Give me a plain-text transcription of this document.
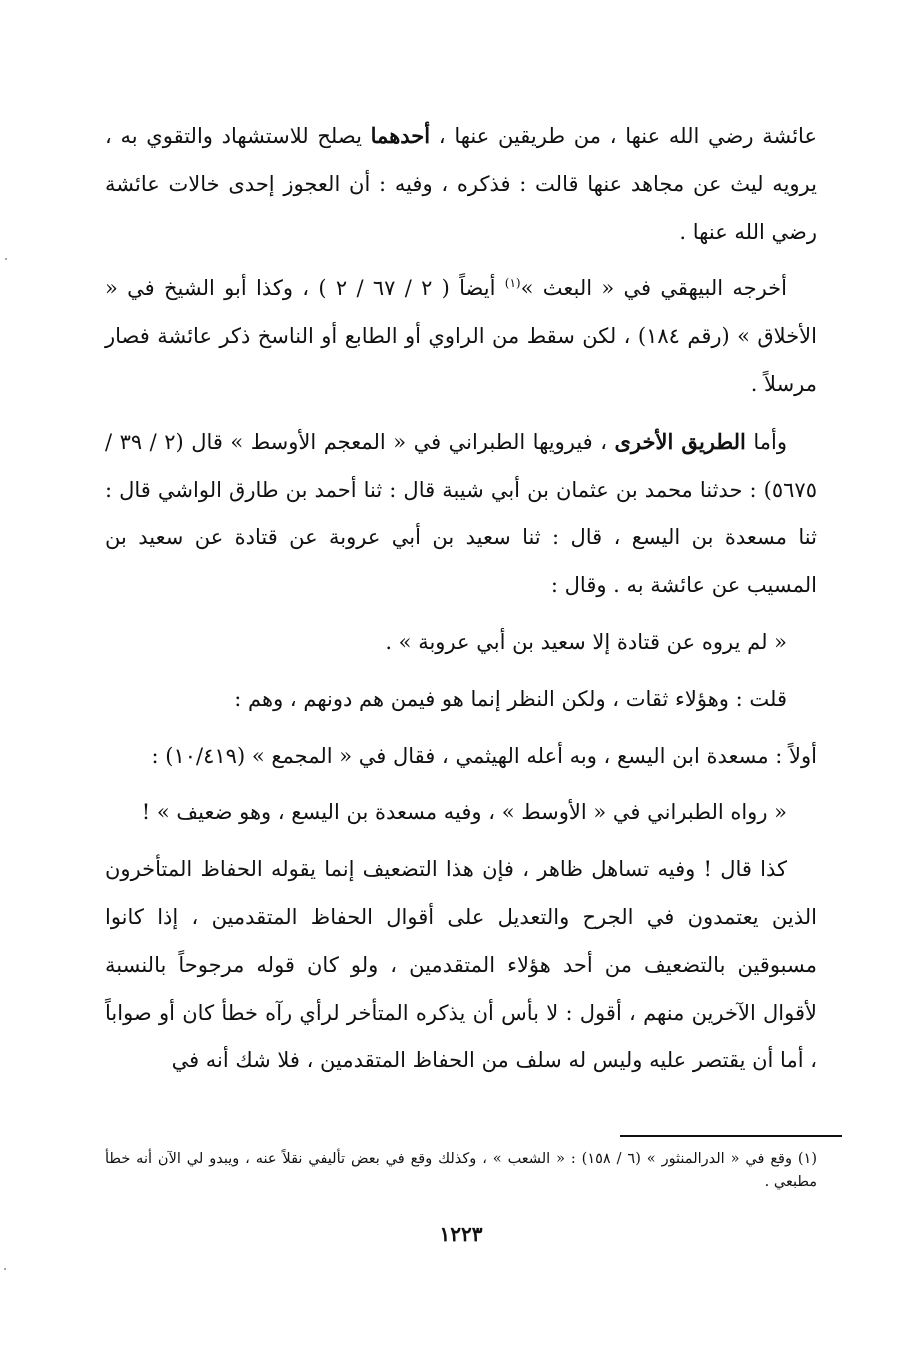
عائشة رضي الله عنها ، من طريقين عنها ، أحدهما يصلح للاستشهاد والتقوي به ، يرويه ليث عن مجاهد عنها قالت : فذكره ، وفيه : أن العجوز إحدى خالات عائشة رضي الله عنها .

أخرجه البيهقي في « البعث »$^{(١)}$ أيضاً ( ٢ / ٦٧ / ٢ ) ، وكذا أبو الشيخ في « الأخلاق » (رقم ١٨٤) ، لكن سقط من الراوي أو الطابع أو الناسخ ذكر عائشة فصار مرسلاً .

وأما الطريق الأخرى ، فيرويها الطبراني في « المعجم الأوسط » قال (٢ / ٣٩ / ٥٦٧٥) : حدثنا محمد بن عثمان بن أبي شيبة قال : ثنا أحمد بن طارق الواشي قال : ثنا مسعدة بن اليسع ، قال : ثنا سعيد بن أبي عروبة عن قتادة عن سعيد بن المسيب عن عائشة به . وقال :

« لم يروه عن قتادة إلا سعيد بن أبي عروبة » .

قلت : وهؤلاء ثقات ، ولكن النظر إنما هو فيمن هم دونهم ، وهم :

أولاً : مسعدة ابن اليسع ، وبه أعله الهيثمي ، فقال في « المجمع » (١٠/٤١٩) :

« رواه الطبراني في « الأوسط » ، وفيه مسعدة بن اليسع ، وهو ضعيف » !

كذا قال ! وفيه تساهل ظاهر ، فإن هذا التضعيف إنما يقوله الحفاظ المتأخرون الذين يعتمدون في الجرح والتعديل على أقوال الحفاظ المتقدمين ، إذا كانوا مسبوقين بالتضعيف من أحد هؤلاء المتقدمين ، ولو كان قوله مرجوحاً بالنسبة لأقوال الآخرين منهم ، أقول : لا بأس أن يذكره المتأخر لرأي رآه خطأ كان أو صواباً ، أما أن يقتصر عليه وليس له سلف من الحفاظ المتقدمين ، فلا شك أنه في

(١) وقع في « الدرالمنثور » (٦ / ١٥٨) : « الشعب » ، وكذلك وقع في بعض تأليفي نقلاً عنه ، ويبدو لي الآن أنه خطأ مطبعي .

١٢٢٣
